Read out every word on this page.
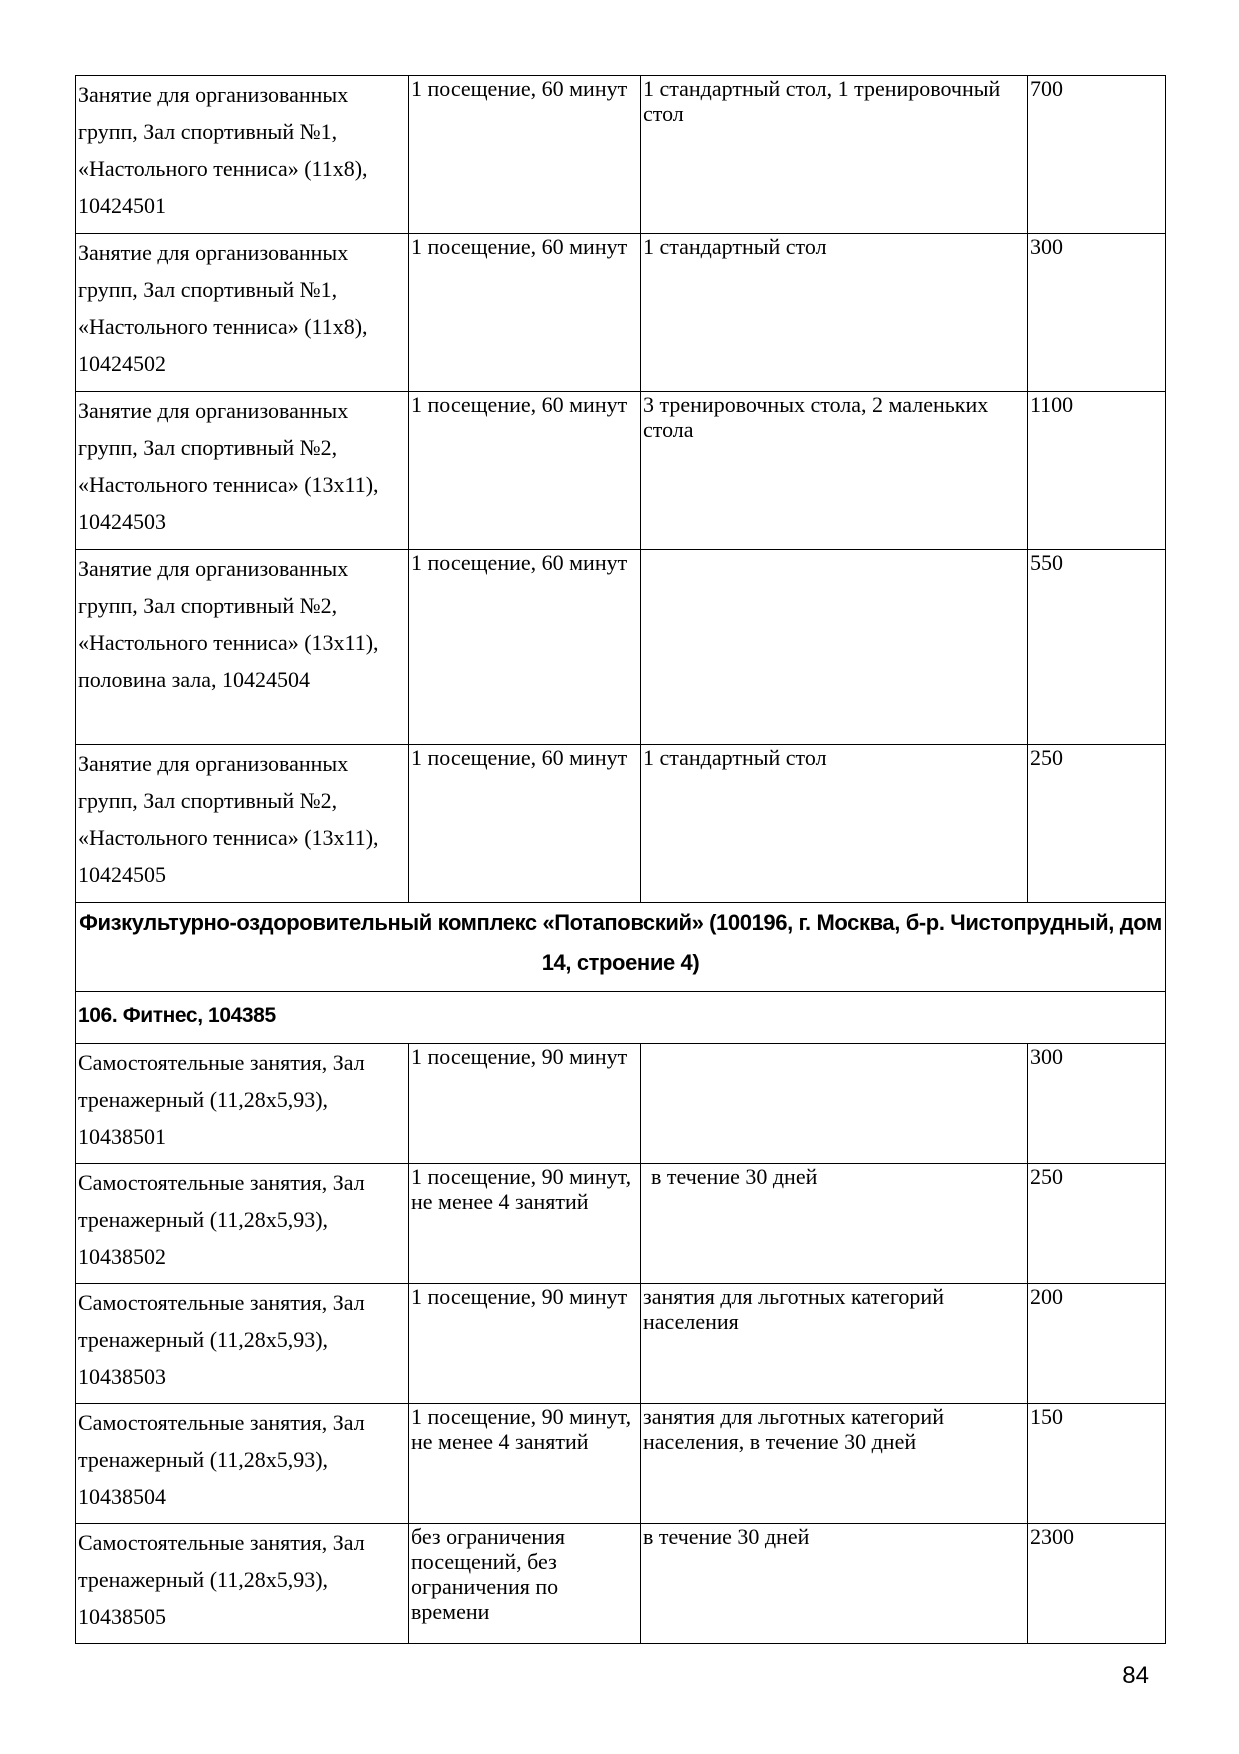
Занятие для организованных групп, Зал спортивный №1, «Настольного тенниса» (11х8), 10424501	1 посещение, 60 минут	1 стандартный стол, 1 тренировочный стол	700
Занятие для организованных групп, Зал спортивный №1, «Настольного тенниса» (11х8), 10424502	1 посещение, 60 минут	1 стандартный стол	300
Занятие для организованных групп, Зал спортивный №2, «Настольного тенниса» (13х11), 10424503	1 посещение, 60 минут	3 тренировочных стола, 2 маленьких стола	1100
Занятие для организованных групп, Зал спортивный №2, «Настольного тенниса» (13х11), половина зала, 10424504	1 посещение, 60 минут		550
Занятие для организованных групп, Зал спортивный №2, «Настольного тенниса» (13х11), 10424505	1 посещение, 60 минут	1 стандартный стол	250
Физкультурно-оздоровительный комплекс «Потаповский» (100196, г. Москва, б-р. Чистопрудный, дом 14, строение 4)			
106. Фитнес, 104385			
Самостоятельные занятия, Зал тренажерный (11,28х5,93), 10438501	1 посещение, 90 минут		300
Самостоятельные занятия, Зал тренажерный (11,28х5,93), 10438502	1 посещение, 90 минут, не менее 4 занятий	в течение 30 дней	250
Самостоятельные занятия, Зал тренажерный (11,28х5,93), 10438503	1 посещение, 90 минут	занятия для льготных категорий населения	200
Самостоятельные занятия, Зал тренажерный (11,28х5,93), 10438504	1 посещение, 90 минут, не менее 4 занятий	занятия для льготных категорий населения, в течение 30 дней	150
Самостоятельные занятия, Зал тренажерный (11,28х5,93), 10438505	без ограничения посещений, без ограничения по времени	в течение 30 дней	2300
84
